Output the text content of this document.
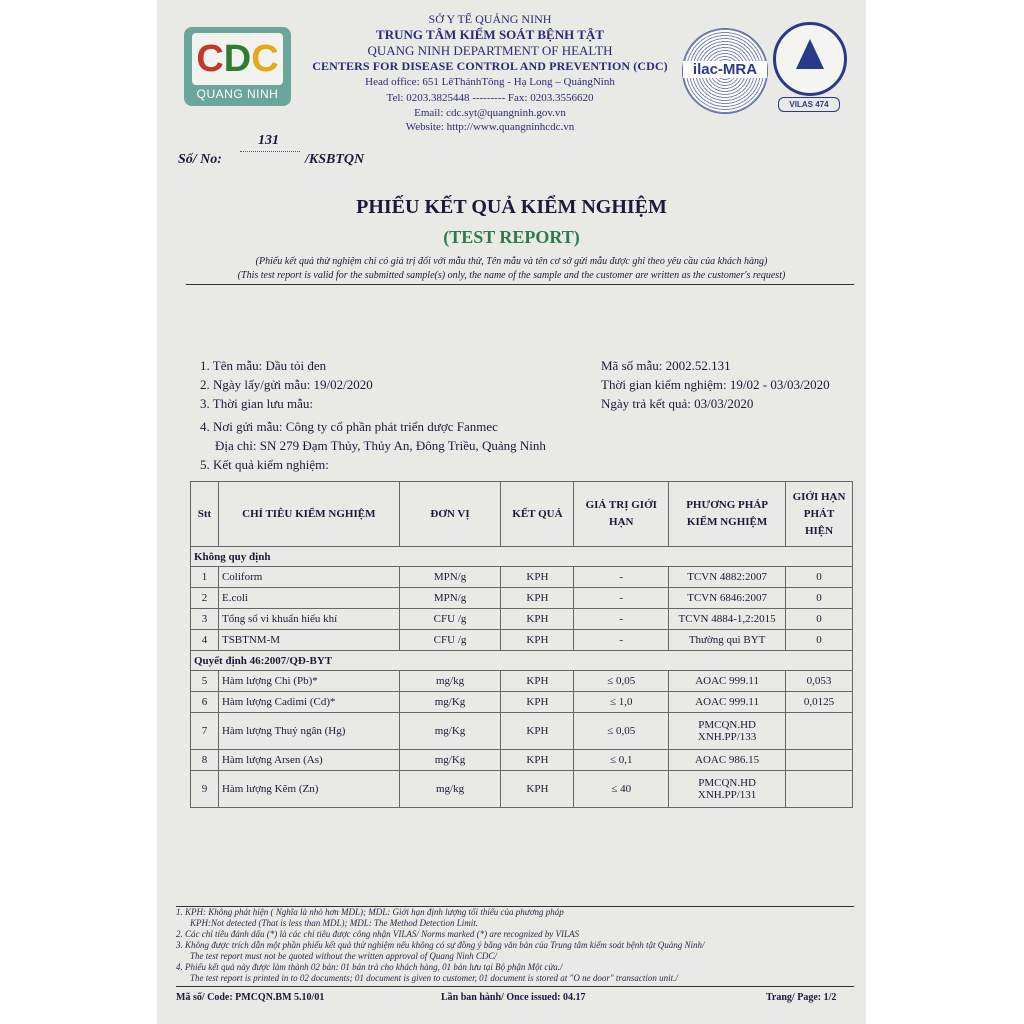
CDC
QUANG NINH
SỞ Y TẾ QUẢNG NINH
TRUNG TÂM KIỂM SOÁT BỆNH TẬT
QUANG NINH DEPARTMENT OF HEALTH
CENTERS FOR DISEASE CONTROL AND PREVENTION (CDC)
Head office: 651 LêThánhTông - Hạ Long – QuảngNinh
Tel: 0203.3825448 --------- Fax: 0203.3556620
Email: cdc.syt@quangninh.gov.vn
Website: http://www.quangninhcdc.vn
ilac-MRA
VILAS 474
131
Số/ No:	/KSBTQN
PHIẾU KẾT QUẢ KIỂM NGHIỆM
(TEST REPORT)
(Phiếu kết quả thử nghiệm chỉ có giá trị đối với mẫu thử, Tên mẫu và tên cơ sở gửi mẫu được ghi theo yêu cầu của khách hàng)
(This test report is valid for the submitted sample(s) only, the name of the sample and the customer are written as the customer's request)
1. Tên mẫu: Dầu tỏi đen
2. Ngày lấy/gửi mẫu: 19/02/2020
3. Thời gian lưu mẫu:
4. Nơi gửi mẫu: Công ty cổ phần phát triển dược Fanmec
Địa chỉ: SN 279 Đạm Thủy, Thủy An, Đông Triều, Quảng Ninh
5. Kết quả kiểm nghiệm:
Mã số mẫu: 2002.52.131
Thời gian kiểm nghiệm: 19/02 - 03/03/2020
Ngày trả kết quả: 03/03/2020
Stt	CHỈ TIÊU KIỂM NGHIỆM	ĐƠN VỊ	KẾT QUẢ	GIÁ TRỊ GIỚI HẠN	PHƯƠNG PHÁP KIỂM NGHIỆM	GIỚI HẠN PHÁT HIỆN
Không quy định						
1	Coliform	MPN/g	KPH	-	TCVN 4882:2007	0
2	E.coli	MPN/g	KPH	-	TCVN 6846:2007	0
3	Tổng số vi khuẩn hiếu khí	CFU /g	KPH	-	TCVN 4884-1,2:2015	0
4	TSBTNM-M	CFU /g	KPH	-	Thường qui BYT	0
Quyết định 46:2007/QĐ-BYT						
5	Hàm lượng Chì (Pb)*	mg/kg	KPH	≤ 0,05	AOAC 999.11	0,053
6	Hàm lượng Cadimi (Cd)*	mg/Kg	KPH	≤ 1,0	AOAC 999.11	0,0125
7	Hàm lượng Thuỷ ngân (Hg)	mg/Kg	KPH	≤ 0,05	PMCQN.HD XNH.PP/133	
8	Hàm lượng Arsen (As)	mg/Kg	KPH	≤ 0,1	AOAC 986.15	
9	Hàm lượng Kẽm (Zn)	mg/kg	KPH	≤ 40	PMCQN.HD XNH.PP/131	
1. KPH: Không phát hiện ( Nghĩa là nhỏ hơn MDL); MDL: Giới hạn định lượng tối thiểu của phương pháp
KPH:Not detected (That is less than MDL); MDL: The Method Detection Limit.
2. Các chỉ tiêu đánh dấu (*) là các chỉ tiêu được công nhận VILAS/ Norms marked (*) are recognized by VILAS
3. Không được trích dẫn một phần phiếu kết quả thử nghiệm nếu không có sự đồng ý bằng văn bản của Trung tâm kiểm soát bệnh tật Quảng Ninh/
The test report must not be quoted without the written approval of Quang Ninh CDC/
4. Phiếu kết quả này được làm thành 02 bản: 01 bản trả cho khách hàng, 01 bản lưu tại Bộ phận Một cửa./
The test report is printed in to 02 documents; 01 document is given to customer, 01 document is stored at "O ne door" transaction unit./
Mã số/ Code: PMCQN.BM 5.10/01	Lần ban hành/ Once issued: 04.17	Trang/ Page: 1/2
